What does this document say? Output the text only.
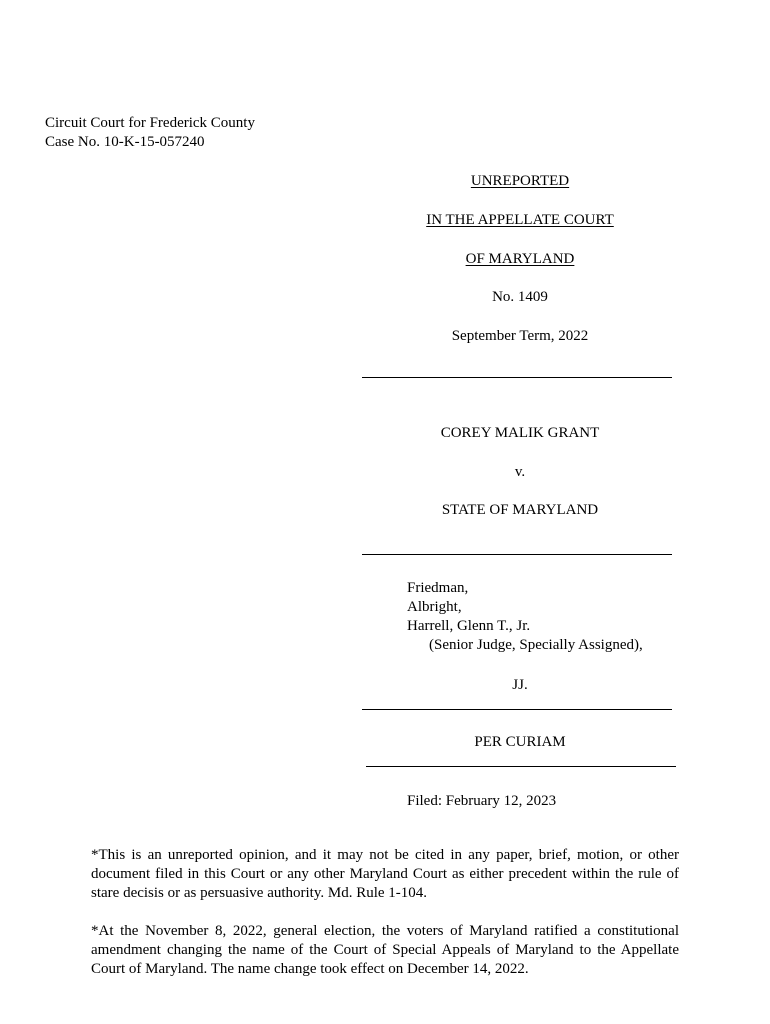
Circuit Court for Frederick County
Case No. 10-K-15-057240
UNREPORTED
IN THE APPELLATE COURT
OF MARYLAND
No. 1409
September Term, 2022
COREY MALIK GRANT
v.
STATE OF MARYLAND
Friedman,
Albright,
Harrell, Glenn T., Jr.
(Senior Judge, Specially Assigned),
JJ.
PER CURIAM
Filed: February 12, 2023
*This is an unreported opinion, and it may not be cited in any paper, brief, motion, or other document filed in this Court or any other Maryland Court as either precedent within the rule of stare decisis or as persuasive authority. Md. Rule 1-104.
*At the November 8, 2022, general election, the voters of Maryland ratified a constitutional amendment changing the name of the Court of Special Appeals of Maryland to the Appellate Court of Maryland. The name change took effect on December 14, 2022.
